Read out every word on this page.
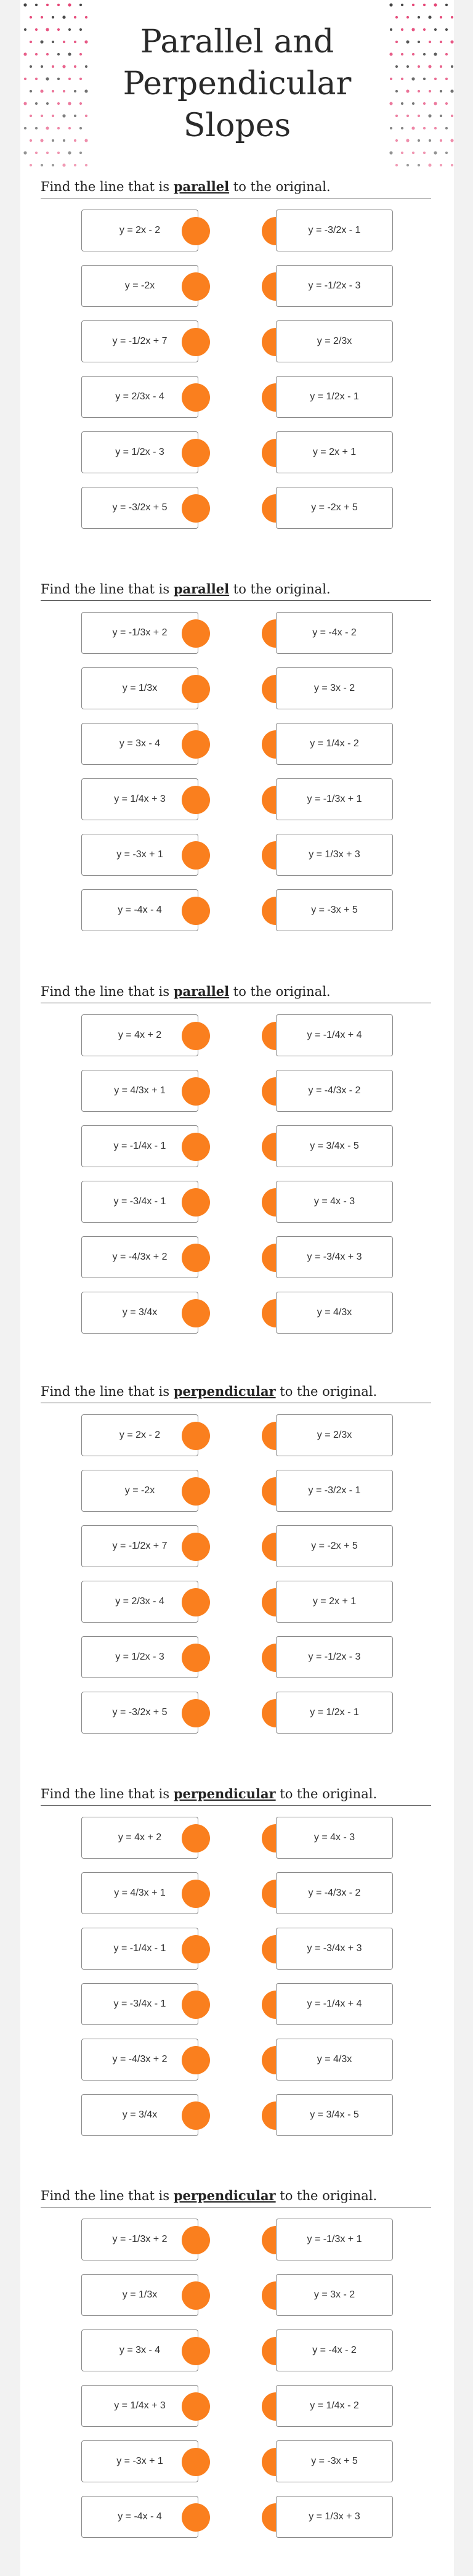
Parallel and
Perpendicular
Slopes
Find the line that is parallel to the original.
y = 2x - 2	y = -3/2x - 1
y = -2x	y = -1/2x - 3
y = -1/2x + 7	y = 2/3x
y = 2/3x - 4	y = 1/2x - 1
y = 1/2x - 3	y = 2x + 1
y = -3/2x + 5	y = -2x + 5
Find the line that is parallel to the original.
y = -1/3x + 2	y = -4x - 2
y = 1/3x	y = 3x - 2
y = 3x - 4	y = 1/4x - 2
y = 1/4x + 3	y = -1/3x + 1
y = -3x + 1	y = 1/3x + 3
y = -4x - 4	y = -3x + 5
Find the line that is parallel to the original.
y = 4x + 2	y = -1/4x + 4
y = 4/3x + 1	y = -4/3x - 2
y = -1/4x - 1	y = 3/4x - 5
y = -3/4x - 1	y = 4x - 3
y = -4/3x + 2	y = -3/4x + 3
y = 3/4x	y = 4/3x
Find the line that is perpendicular to the original.
y = 2x - 2	y = 2/3x
y = -2x	y = -3/2x - 1
y = -1/2x + 7	y = -2x + 5
y = 2/3x - 4	y = 2x + 1
y = 1/2x - 3	y = -1/2x - 3
y = -3/2x + 5	y = 1/2x - 1
Find the line that is perpendicular to the original.
y = 4x + 2	y = 4x - 3
y = 4/3x + 1	y = -4/3x - 2
y = -1/4x - 1	y = -3/4x + 3
y = -3/4x - 1	y = -1/4x + 4
y = -4/3x + 2	y = 4/3x
y = 3/4x	y = 3/4x - 5
Find the line that is perpendicular to the original.
y = -1/3x + 2	y = -1/3x + 1
y = 1/3x	y = 3x - 2
y = 3x - 4	y = -4x - 2
y = 1/4x + 3	y = 1/4x - 2
y = -3x + 1	y = -3x + 5
y = -4x - 4	y = 1/3x + 3
